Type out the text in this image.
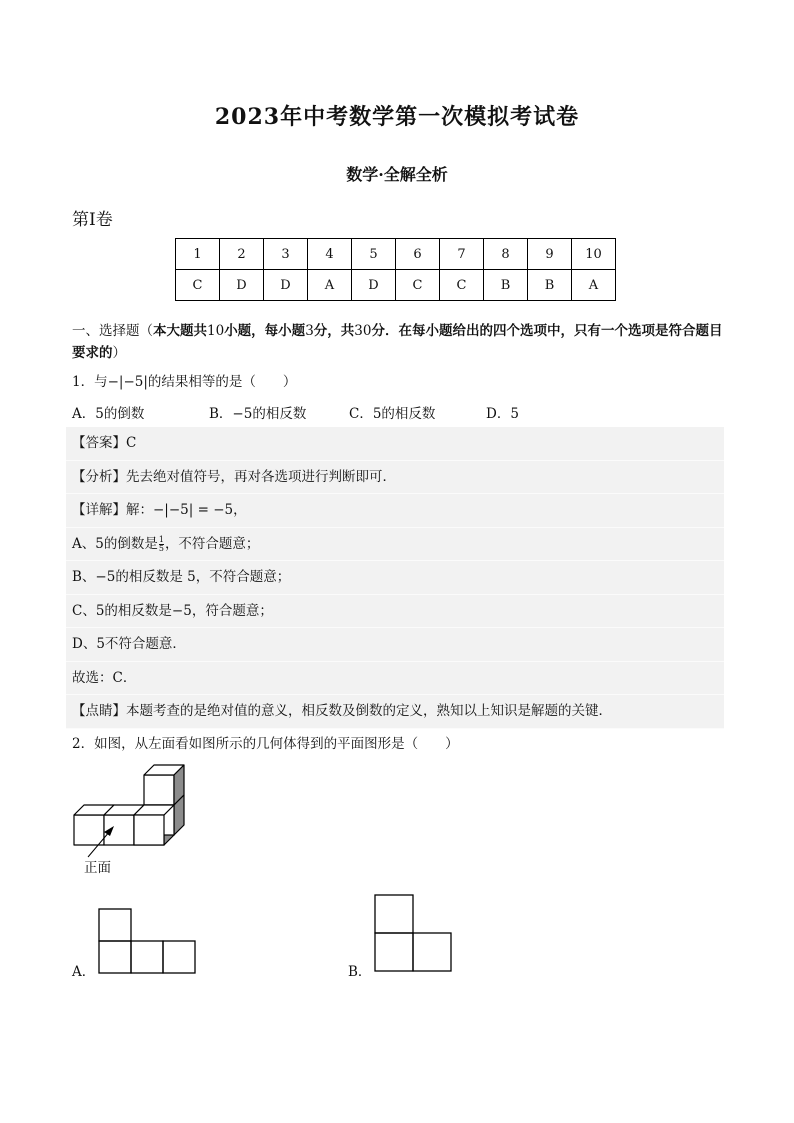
2023年中考数学第一次模拟考试卷
数学·全解全析
第Ⅰ卷
1	2	3	4	5	6	7	8	9	10
C	D	D	A	D	C	C	B	B	A
一、选择题（本大题共10小题，每小题3分，共30分．在每小题给出的四个选项中，只有一个选项是符合题目要求的）
1．与−|−5|的结果相等的是（　　）
A．5的倒数	B．−5的相反数	C．5的相反数	D．5
【答案】C
【分析】先去绝对值符号，再对各选项进行判断即可．
【详解】解：−|−5| = −5，
A、5的倒数是 $\frac{1}{5}$ ，不符合题意；
B、−5的相反数是 5，不符合题意；
C、5的相反数是−5，符合题意；
D、5不符合题意．
故选：C．
【点睛】本题考查的是绝对值的意义，相反数及倒数的定义，熟知以上知识是解题的关键．
2．如图，从左面看如图所示的几何体得到的平面图形是（　　）
正面
A．	B．
